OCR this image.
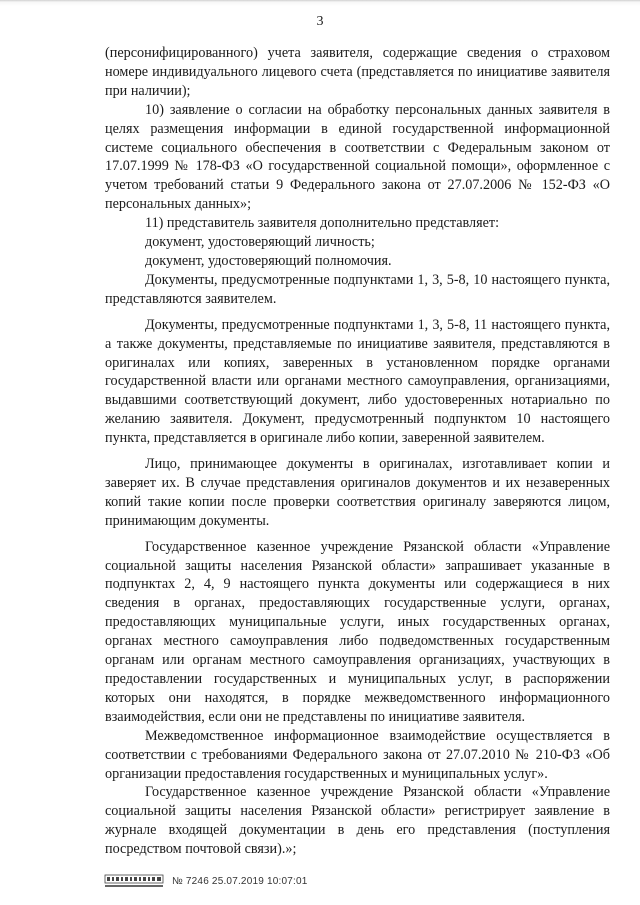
3

(персонифицированного) учета заявителя, содержащие сведения о страховом номере индивидуального лицевого счета (представляется по инициативе заявителя при наличии);

10) заявление о согласии на обработку персональных данных заявителя в целях размещения информации в единой государственной информационной системе социального обеспечения в соответствии с Федеральным законом от 17.07.1999 № 178-ФЗ «О государственной социальной помощи», оформленное с учетом требований статьи 9 Федерального закона от 27.07.2006 № 152-ФЗ «О персональных данных»;

11) представитель заявителя дополнительно представляет:

документ, удостоверяющий личность;

документ, удостоверяющий полномочия.

Документы, предусмотренные подпунктами 1, 3, 5-8, 10 настоящего пункта, представляются заявителем.

Документы, предусмотренные подпунктами 1, 3, 5-8, 11 настоящего пункта, а также документы, представляемые по инициативе заявителя, представляются в оригиналах или копиях, заверенных в установленном порядке органами государственной власти или органами местного самоуправления, организациями, выдавшими соответствующий документ, либо удостоверенных нотариально по желанию заявителя. Документ, предусмотренный подпунктом 10 настоящего пункта, представляется в оригинале либо копии, заверенной заявителем.

Лицо, принимающее документы в оригиналах, изготавливает копии и заверяет их. В случае представления оригиналов документов и их незаверенных копий такие копии после проверки соответствия оригиналу заверяются лицом, принимающим документы.

Государственное казенное учреждение Рязанской области «Управление социальной защиты населения Рязанской области» запрашивает указанные в подпунктах 2, 4, 9 настоящего пункта документы или содержащиеся в них сведения в органах, предоставляющих государственные услуги, органах, предоставляющих муниципальные услуги, иных государственных органах, органах местного самоуправления либо подведомственных государственным органам или органам местного самоуправления организациях, участвующих в предоставлении государственных и муниципальных услуг, в распоряжении которых они находятся, в порядке межведомственного информационного взаимодействия, если они не представлены по инициативе заявителя.

Межведомственное информационное взаимодействие осуществляется в соответствии с требованиями Федерального закона от 27.07.2010 № 210-ФЗ «Об организации предоставления государственных и муниципальных услуг».

Государственное казенное учреждение Рязанской области «Управление социальной защиты населения Рязанской области» регистрирует заявление в журнале входящей документации в день его представления (поступления посредством почтовой связи).»;

№ 7246 25.07.2019 10:07:01
